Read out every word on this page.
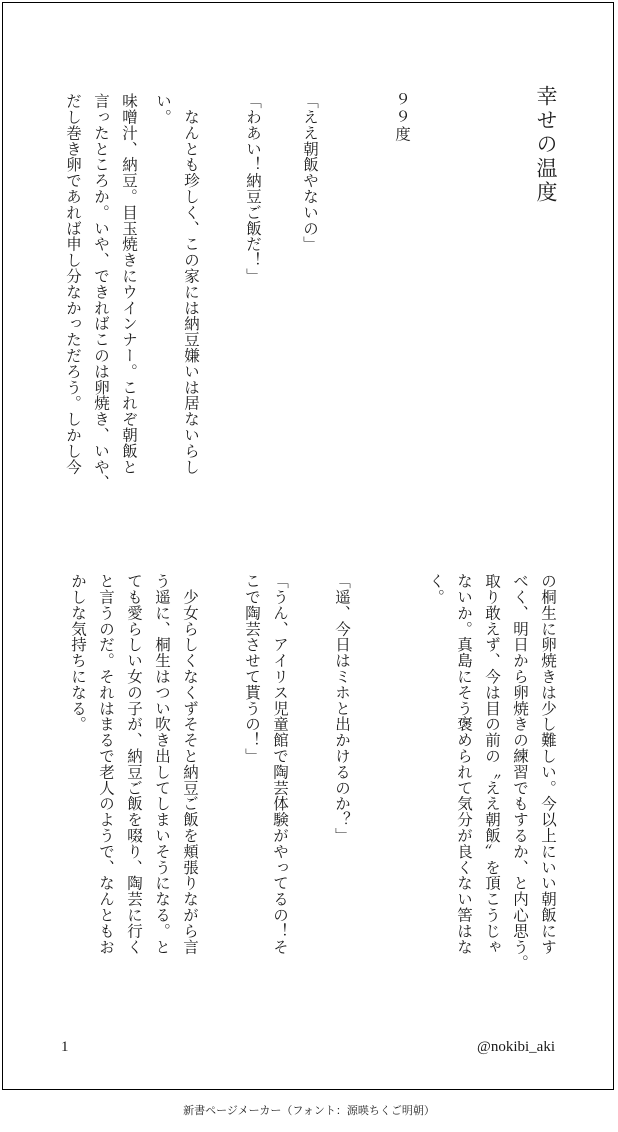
幸せの温度
９９度
「ええ朝飯やないの」
「わあい！納豆ご飯だ！」
　なんとも珍しく、この家には納豆嫌いは居ないらし
い。
味噌汁、納豆。目玉焼きにウインナー。これぞ朝飯と
言ったところか。いや、できればこのは卵焼き、いや、
だし巻き卵であれば申し分なかっただろう。しかし今
の桐生に卵焼きは少し難しい。今以上にいい朝飯にす
べく、明日から卵焼きの練習でもするか、と内心思う。
取り敢えず、今は目の前の〝ええ朝飯〟を頂こうじゃ
ないか。真島にそう褒められて気分が良くない筈はな
く。
「遥、今日はミホと出かけるのか？」
「うん、アイリス児童館で陶芸体験がやってるの！そ
こで陶芸させて貰うの！」
　少女らしくなくずそそと納豆ご飯を頬張りながら言
う遥に、桐生はつい吹き出してしまいそうになる。と
ても愛らしい女の子が、納豆ご飯を啜り、陶芸に行く
と言うのだ。それはまるで老人のようで、なんともお
かしな気持ちになる。
1	@nokibi_aki
新書ページメーカー（フォント：源暎ちくご明朝）
